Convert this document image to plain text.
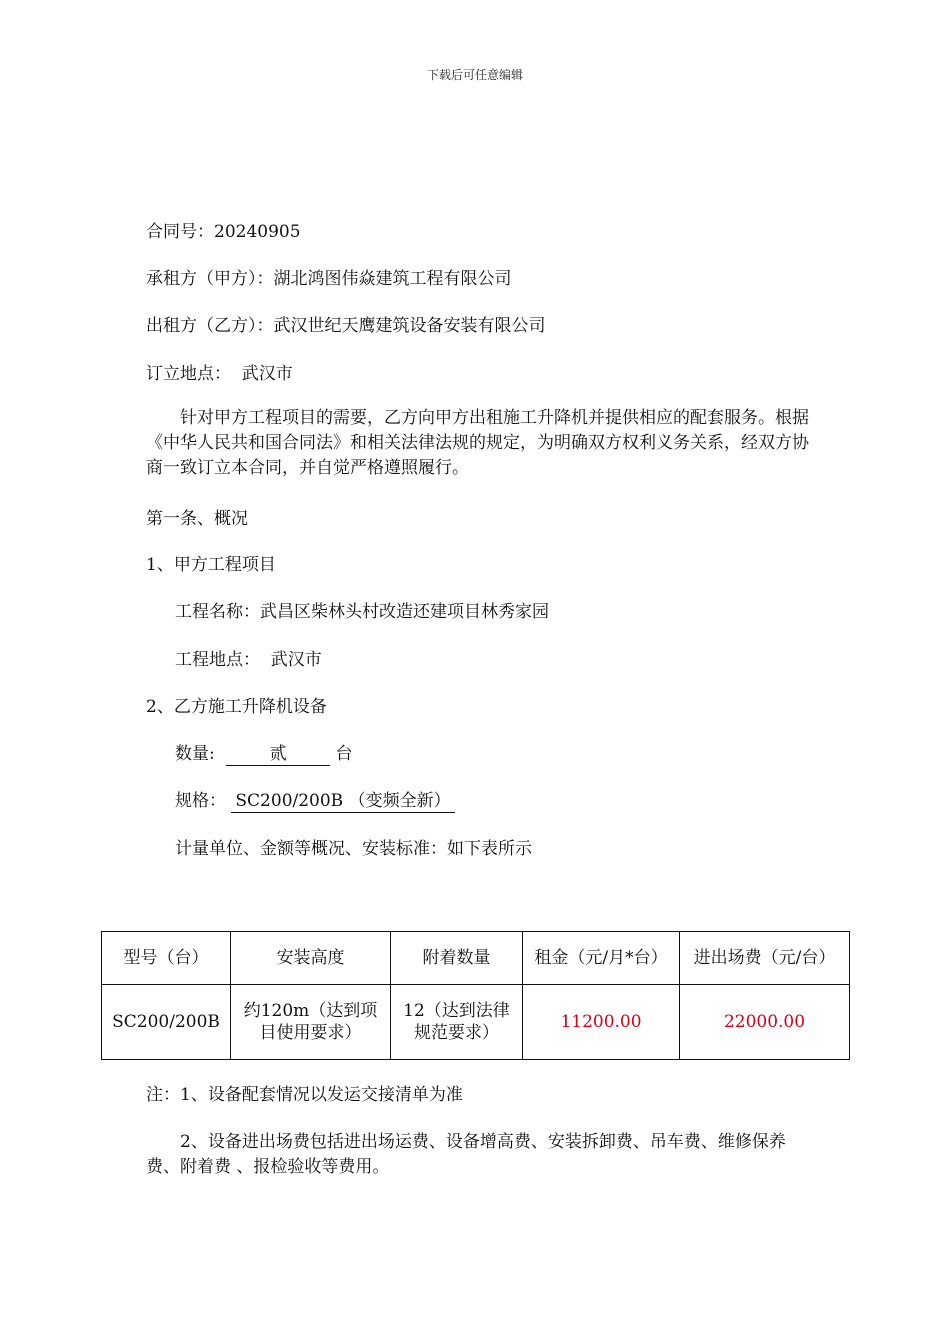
下载后可任意编辑
合同号：20240905
承租方（甲方）：湖北鸿图伟焱建筑工程有限公司
出租方（乙方）：武汉世纪天鹰建筑设备安装有限公司
订立地点：  武汉市
针对甲方工程项目的需要，乙方向甲方出租施工升降机并提供相应的配套服务。根据《中华人民共和国合同法》和相关法律法规的规定，为明确双方权利义务关系，经双方协商一致订立本合同，并自觉严格遵照履行。
第一条、概况
1、甲方工程项目
工程名称：武昌区柴林头村改造还建项目林秀家园
工程地点：  武汉市
2、乙方施工升降机设备
数量:	贰	台
规格： SC200/200B （变频全新）
计量单位、金额等概况、安装标准：如下表所示
型号（台）	安装高度	附着数量	租金（元/月*台）	进出场费（元/台）
SC200/200B	约120m（达到项目使用要求）	12（达到法律规范要求）	11200.00	22000.00
注：1、设备配套情况以发运交接清单为准
2、设备进出场费包括进出场运费、设备增高费、安装拆卸费、吊车费、维修保养费、附着费 、报检验收等费用。
